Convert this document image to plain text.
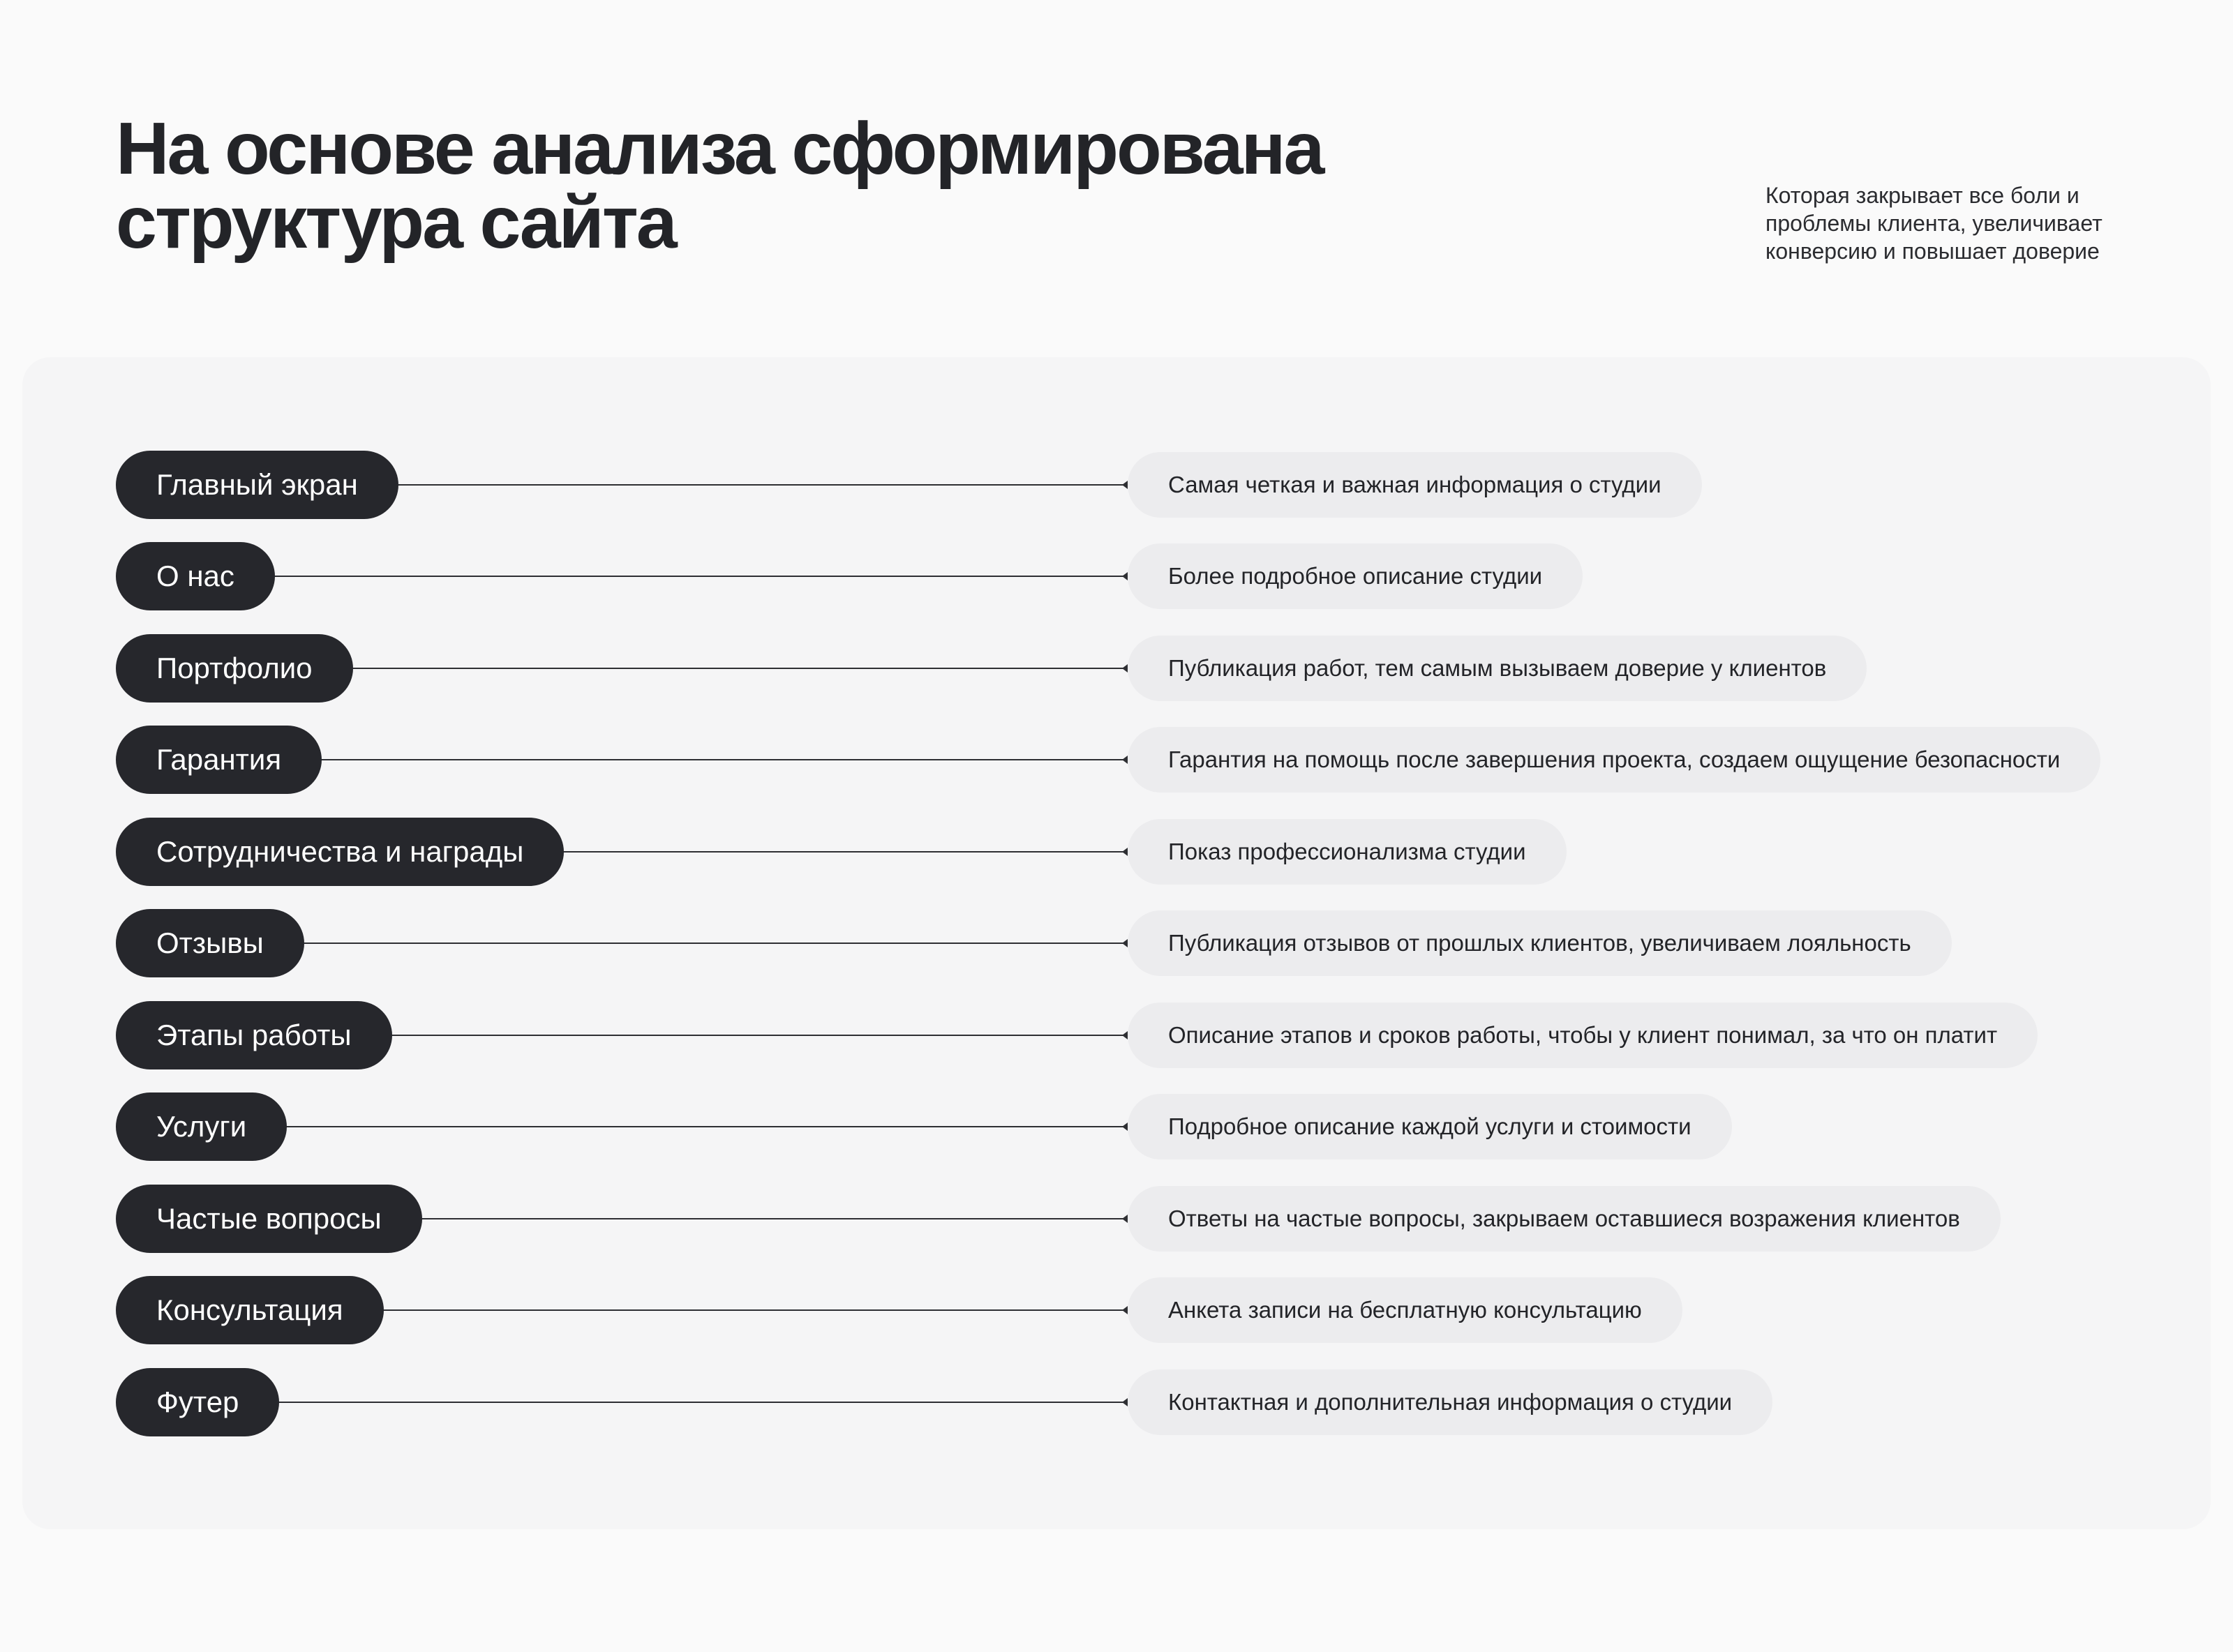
На основе анализа сформирована
структура сайта	Которая закрывает все боли и
проблемы клиента, увеличивает
конверсию и повышает доверие
Главный экран	Самая четкая и важная информация о студии
О нас	Более подробное описание студии
Портфолио	Публикация работ, тем самым вызываем доверие у клиентов
Гарантия	Гарантия на помощь после завершения проекта, создаем ощущение безопасности
Сотрудничества и награды	Показ профессионализма студии
Отзывы	Публикация отзывов от прошлых клиентов, увеличиваем лояльность
Этапы работы	Описание этапов и сроков работы, чтобы у клиент понимал, за что он платит
Услуги	Подробное описание каждой услуги и стоимости
Частые вопросы	Ответы на частые вопросы, закрываем оставшиеся возражения клиентов
Консультация	Анкета записи на бесплатную консультацию
Футер	Контактная и дополнительная информация о студии
